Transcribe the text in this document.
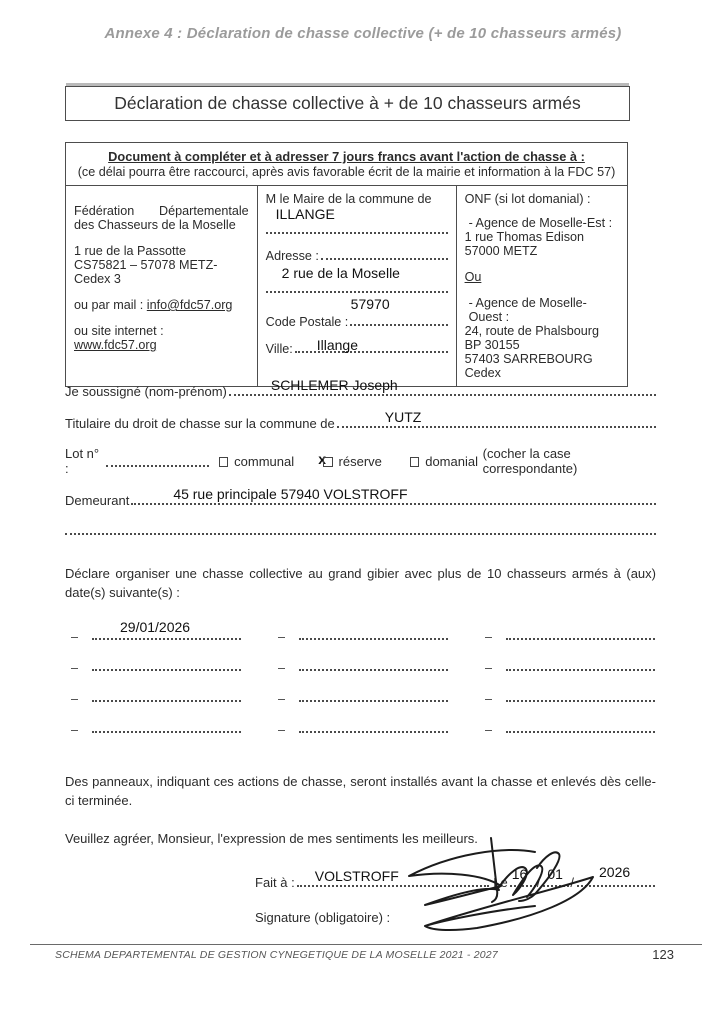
Annexe 4 : Déclaration de chasse collective (+ de 10 chasseurs armés)
Déclaration de chasse collective à + de 10 chasseurs armés
Document à compléter et à adresser 7 jours francs avant l'action de chasse à :
(ce délai pourra être raccourci, après avis favorable écrit de la mairie et information à la FDC 57)

Fédération Départementale des Chasseurs de la Moselle
1 rue de la Passotte
CS75821 – 57078 METZ-Cedex 3
ou par mail : info@fdc57.org
ou site internet : www.fdc57.org

M le Maire de la commune de
ILLANGE
Adresse :
2 rue de la Moselle
57970
Code Postale :
Ville: Illange

ONF (si lot domanial) :
- Agence de Moselle-Est :
1 rue Thomas Edison
57000 METZ
Ou
- Agence de Moselle-Ouest :
24, route de Phalsbourg
BP 30155
57403 SARREBOURG Cedex
Je soussigné (nom-prénom)	SCHLEMER Joseph
Titulaire du droit de chasse sur la commune de	YUTZ
Lot n° :	communal x réserve	domanial (cocher la case correspondante)
Demeurant	45 rue principale 57940 VOLSTROFF
Déclare organiser une chasse collective au grand gibier avec plus de 10 chasseurs armés à (aux) date(s) suivante(s) :
29/01/2026
Des panneaux, indiquant ces actions de chasse, seront installés avant la chasse et enlevés dès celle-ci terminée.
Veuillez agréer, Monsieur, l'expression de mes sentiments les meilleurs.
Fait à : VOLSTROFF	Le
16
/
01
/
2026
Signature (obligatoire) :
SCHEMA DEPARTEMENTAL DE GESTION CYNEGETIQUE DE LA MOSELLE 2021 - 2027	123
